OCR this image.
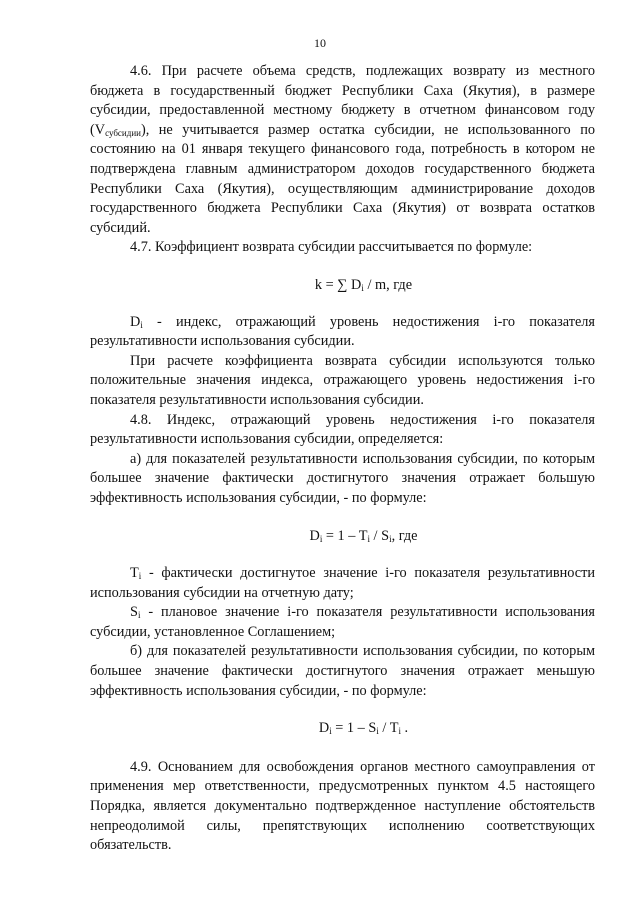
10

4.6. При расчете объема средств, подлежащих возврату из местного бюджета в государственный бюджет Республики Саха (Якутия), в размере субсидии, предоставленной местному бюджету в отчетном финансовом году $(V_{субсидии})$, не учитывается размер остатка субсидии, не использованного по состоянию на 01 января текущего финансового года, потребность в котором не подтверждена главным администратором доходов государственного бюджета Республики Саха (Якутия), осуществляющим администрирование доходов государственного бюджета Республики Саха (Якутия) от возврата остатков субсидий.

4.7. Коэффициент возврата субсидии рассчитывается по формуле:

k = ∑ $D_i$ / m, где

$D_i$ - индекс, отражающий уровень недостижения i-го показателя результативности использования субсидии.

При расчете коэффициента возврата субсидии используются только положительные значения индекса, отражающего уровень недостижения i-го показателя результативности использования субсидии.

4.8. Индекс, отражающий уровень недостижения i-го показателя результативности использования субсидии, определяется:

а) для показателей результативности использования субсидии, по которым большее значение фактически достигнутого значения отражает большую эффективность использования субсидии, - по формуле:

$D_i = 1 - T_i / S_i$, где

$T_i$ - фактически достигнутое значение i-го показателя результативности использования субсидии на отчетную дату;

$S_i$ - плановое значение i-го показателя результативности использования субсидии, установленное Соглашением;

б) для показателей результативности использования субсидии, по которым большее значение фактически достигнутого значения отражает меньшую эффективность использования субсидии, - по формуле:

$D_i = 1 - S_i / T_i$ .

4.9. Основанием для освобождения органов местного самоуправления от применения мер ответственности, предусмотренных пунктом 4.5 настоящего Порядка, является документально подтвержденное наступление обстоятельств непреодолимой силы, препятствующих исполнению соответствующих обязательств.
